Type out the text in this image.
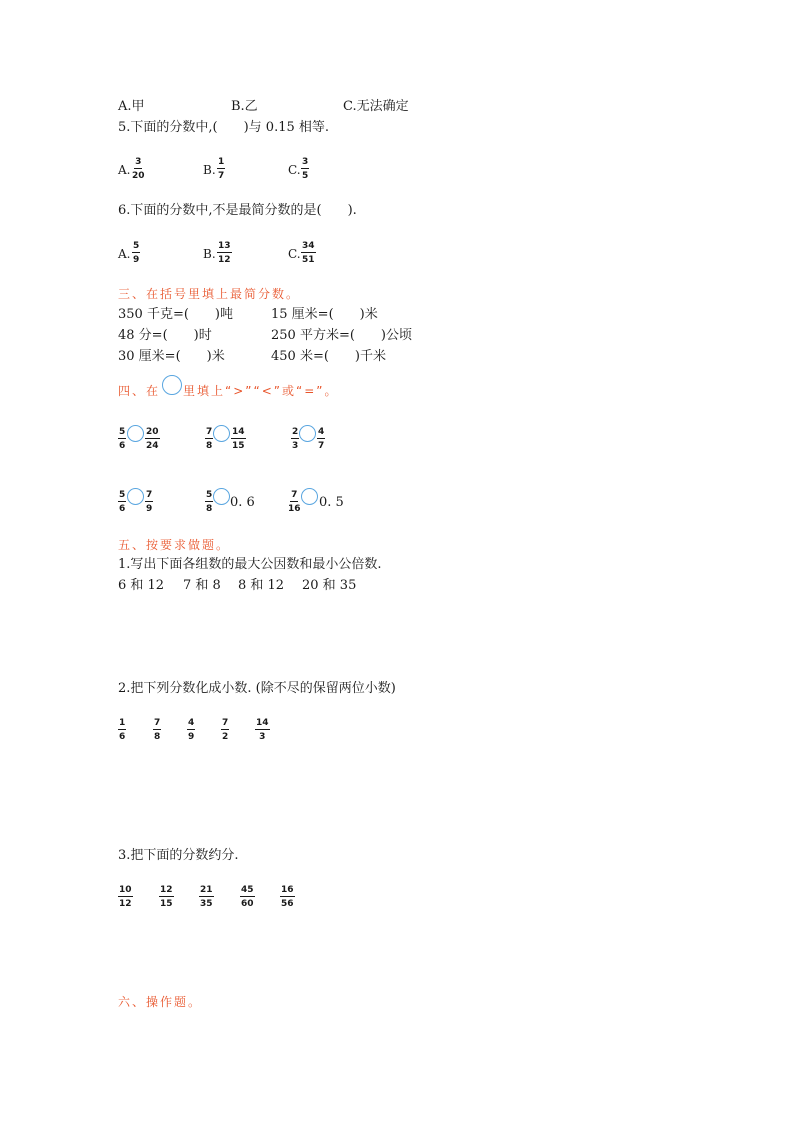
A.甲	B.乙	C.无法确定
5.下面的分数中,(　　)与 0.15 相等.
A. $\frac{3}{20}$	B. $\frac{1}{7}$	C. $\frac{3}{5}$
6.下面的分数中,不是最简分数的是(　　).
A. $\frac{5}{9}$	B. $\frac{13}{12}$	C. $\frac{34}{51}$
三、在括号里填上最简分数。
350 千克=(　　)吨	15 厘米=(　　)米
48 分=(　　)时	250 平方米=(　　)公顷
30 厘米=(　　)米	450 米=(　　)千米
四、在 里填上“>”“<”或“=”。
$\frac{5}{6} \frac{20}{24}$	$\frac{7}{8} \frac{14}{15}$	$\frac{2}{3} \frac{4}{7}$
$\frac{5}{6} \frac{7}{9}$	$\frac{5}{8} 0$. 6	$\frac{7}{16} 0$. 5
五、按要求做题。
1.写出下面各组数的最大公因数和最小公倍数.
6 和 12 7 和 8 8 和 12 20 和 35
2.把下列分数化成小数. (除不尽的保留两位小数)
$\frac{1}{6}$	$\frac{7}{8}$	$\frac{4}{9}$	$\frac{7}{2}$	$\frac{14}{3}$
3.把下面的分数约分.
$\frac{10}{12}$	$\frac{12}{15}$	$\frac{21}{35}$	$\frac{45}{60}$	$\frac{16}{56}$
六、操作题。
